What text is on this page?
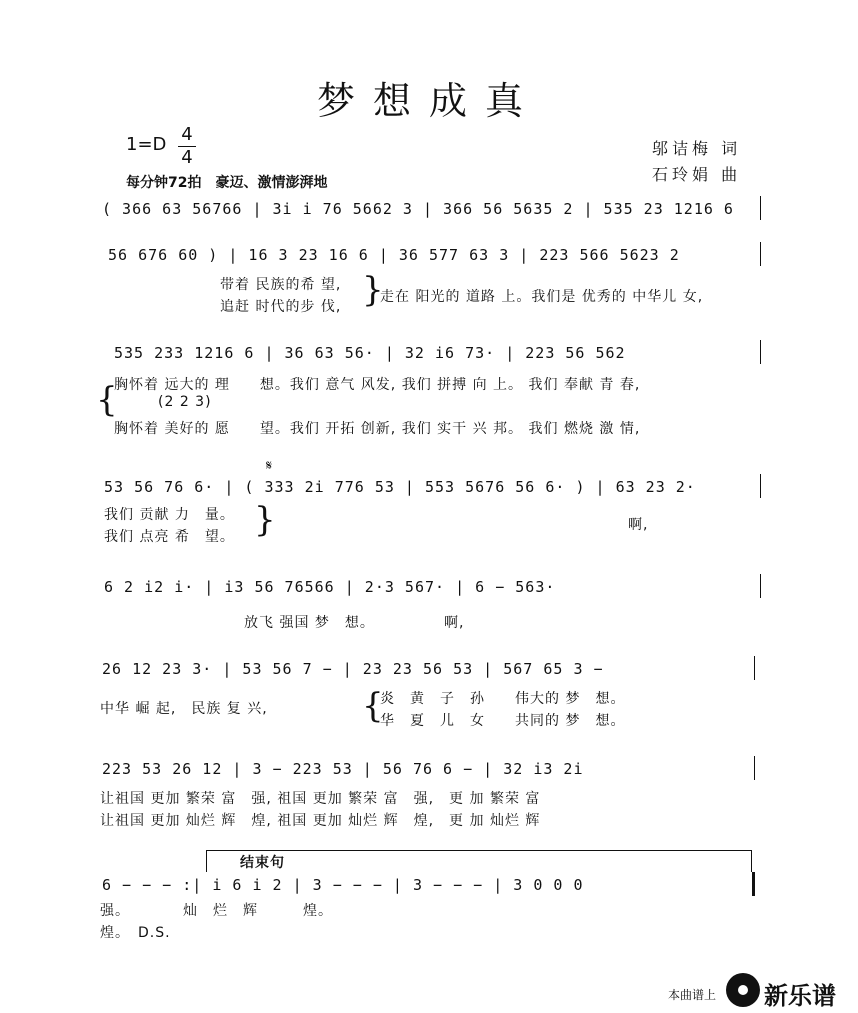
梦想成真
1=D 4
4
每分钟72拍　豪迈、激情澎湃地
邬诘梅 词
石玲娟 曲
( 366 63 56766 | 3i i 76 5662 3 | 366 56 5635 2 | 535 23 1216 6
56 676 60 ) | 16 3 23 16 6 | 36 577 63 3 | 223 566 5623 2
带着 民族的希 望,
追赶 时代的步 伐, }
走在 阳光的 道路 上。我们是 优秀的 中华儿 女,
535 233 1216 6 | 36 63 56· | 32 i6 73· | 223 56 562
{
胸怀着 远大的 理　　想。我们 意气 风发, 我们 拼搏 向 上。 我们 奉献 青 春,
(2 2 3)
胸怀着 美好的 愿　　望。我们 开拓 创新, 我们 实干 兴 邦。 我们 燃烧 激 情,
𝄋
53 56 76 6· | ( 333 2i 776 53 | 553 5676 56 6· ) | 63 23 2·
我们 贡献 力　量。
我们 点亮 希　望。 }	啊,
6 2 i2 i· | i3 56 76566 | 2·3 567· | 6 − 563·
放飞 强国 梦　想。	啊,
26 12 23 3· | 53 56 7 − | 23 23 56 53 | 567 65 3 −
中华 崛 起,　民族 复 兴,	{
炎　黄　子　孙　　伟大的 梦　想。
华　夏　儿　女　　共同的 梦　想。
223 53 26 12 | 3 − 223 53 | 56 76 6 − | 32 i3 2i
让祖国 更加 繁荣 富　强, 祖国 更加 繁荣 富　强,　更 加 繁荣 富
让祖国 更加 灿烂 辉　煌, 祖国 更加 灿烂 辉　煌,　更 加 灿烂 辉
结束句
6 − − − :| i 6 i 2 | 3 − − − | 3 − − − | 3 0 0 0
强。　　　　灿　烂　辉　　　煌。
煌。　D.S.
本曲谱上 新乐谱
